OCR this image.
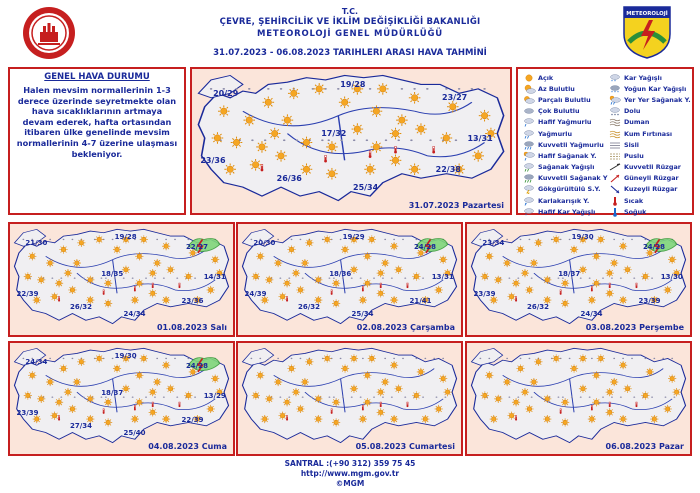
T.C.
ÇEVRE, ŞEHİRCİLİK VE İKLİM DEĞİŞİKLİĞİ BAKANLIĞI
METEOROLOJİ GENEL MÜDÜRLÜĞÜ
31.07.2023 - 06.08.2023 TARIHLERI ARASI HAVA TAHMİNİ
METEOROLOJİ
GENEL HAVA DURUMU
Halen mevsim normallerinin 1-3 derece üzerinde seyretmekte olan hava sıcaklıklarının artmaya devam ederek, hafta ortasından itibaren ülke genelinde mevsim normallerinin 4-7 üzerine ulaşması bekleniyor.
31.07.2023 Pazartesi
20/29
19/28
23/27
17/32	13/31
23/36
26/36
25/34
22/38
Açık
Az Bulutlu
Parçalı Bulutlu
Çok Bulutlu
Hafif Yağmurlu
Yağmurlu
Kuvvetli Yağmurlu
Hafif Sağanak Y.
Sağanak Yağışlı
Kuvvetli Sağanak Y
Gökgürültülü S.Y.
* Karlakarışık Y.
* Hafif Kar Yağışlı
* * Kar Yağışlı
* * * Yoğun Kar Yağışlı
Yer Yer Sağanak Y.
Dolu
Duman
Kum Fırtınası
Sisli
Puslu
Kuvvetli Rüzgar
Güneyli Rüzgar
Kuzeyli Rüzgar
Sıcak
Soğuk
01.08.2023 Salı
21/30
19/28
22/27
18/35	14/31
22/39
26/32
24/34
23/36
02.08.2023 Çarşamba
20/30
19/29
24/28
18/36	13/31
24/39
26/32
25/34
21/41
03.08.2023 Perşembe
23/34
19/30
24/28
18/37	13/30
23/39
26/32
24/34
23/39
04.08.2023 Cuma
24/34
19/30
24/28
18/37	13/29
23/39
27/34
25/40
22/39
05.08.2023 Cumartesi	06.08.2023 Pazar
SANTRAL :(+90 312) 359 75 45
http://www.mgm.gov.tr
©MGM
